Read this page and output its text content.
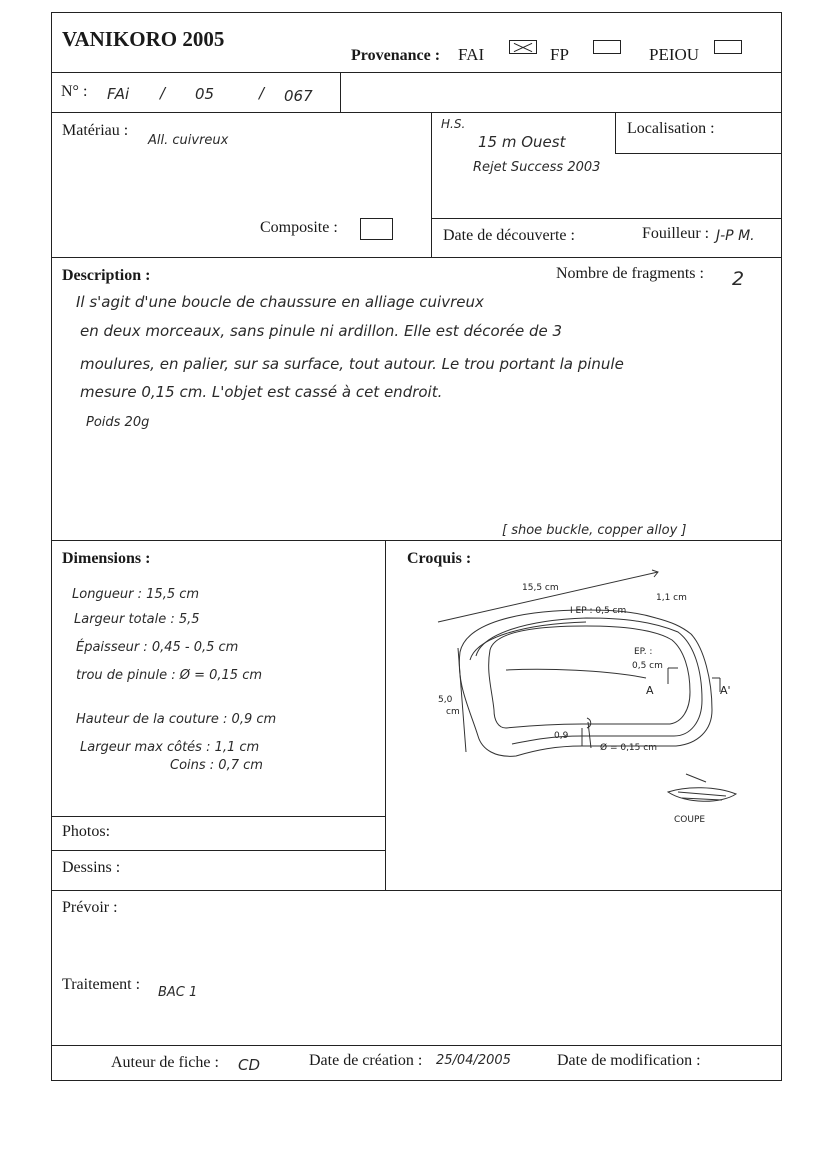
VANIKORO 2005
Provenance : FAI	FP	PEIOU
N° : FAi / 05	/ 067
Matériau :
All. cuivreux
Composite :
H.S.
15 m Ouest
Rejet Success 2003
Localisation :
Date de découverte :	Fouilleur : J-P M.
Description :	Nombre de fragments : 2
Il s'agit d'une boucle de chaussure en alliage cuivreux
en deux morceaux, sans pinule ni ardillon. Elle est décorée de 3
moulures, en palier, sur sa surface, tout autour. Le trou portant la pinule
mesure 0,15 cm. L'objet est cassé à cet endroit.
Poids 20g
[ shoe buckle, copper alloy ]
Dimensions :
Longueur : 15,5 cm
Largeur totale : 5,5
Épaisseur : 0,45 - 0,5 cm
trou de pinule : Ø = 0,15 cm
Hauteur de la couture : 0,9 cm
Largeur max côtés : 1,1 cm
Coins : 0,7 cm
Croquis :
15,5 cm
1,1 cm
I EP : 0,5 cm
EP. :
0,5 cm
5,0
cm
0,9
Ø = 0,15 cm
A	A'
COUPE
Photos:
Dessins :
Prévoir :
Traitement : BAC 1
Auteur de fiche : CD	Date de création : 25/04/2005	Date de modification :
